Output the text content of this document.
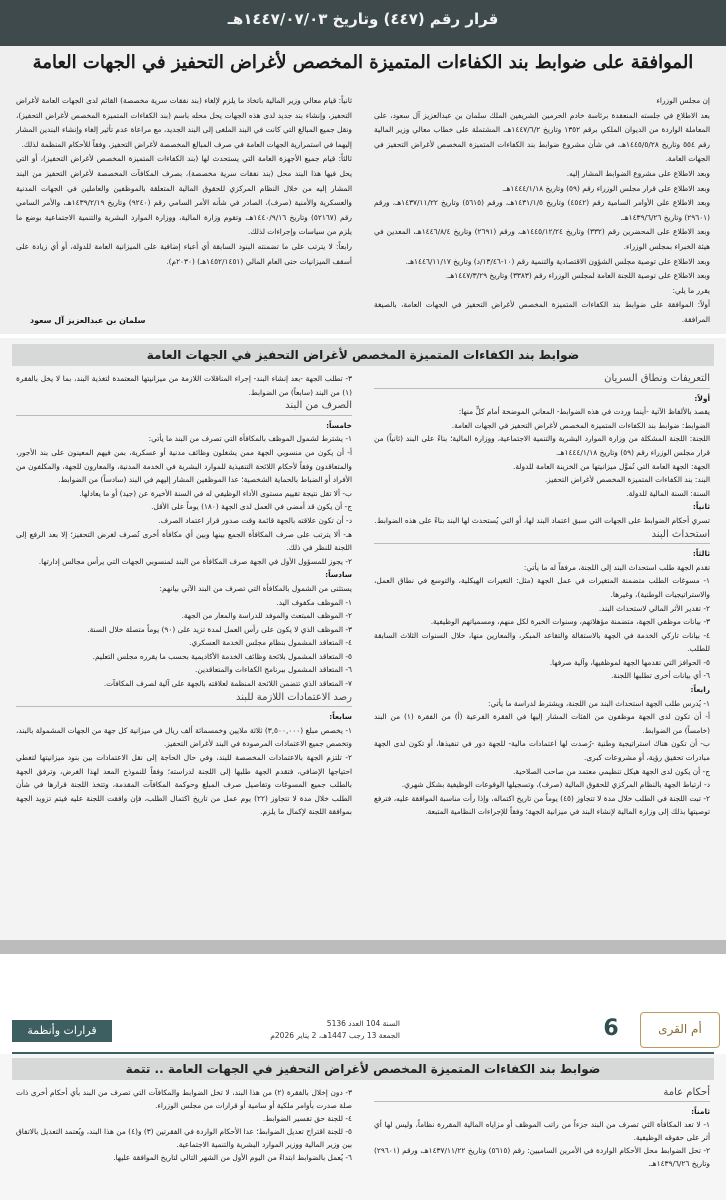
قرار رقم (٤٤٧) وتاريخ ١٤٤٧/٠٧/٠٣هـ
الموافقة على ضوابط بند الكفاءات المتميزة المخصص لأغراض التحفيز في الجهات العامة

إن مجلس الوزراء

بعد الاطلاع في جلسته المنعقدة برئاسة خادم الحرمين الشريفين الملك سلمان بن عبدالعزيز آل سعود، على المعاملة الواردة من الديوان الملكي برقم ١٣٥٢ وتاريخ ١٤٤٧/٦/٢هـ، المشتملة على خطاب معالي وزير المالية رقم ٥٥٤ وتاريخ ١٤٤٥/٥/٢٨هـ، في شأن مشروع ضوابط بند الكفاءات المتميزة المخصص لأغراض التحفيز في الجهات العامة.

وبعد الاطلاع على مشروع الضوابط المشار إليه.

وبعد الاطلاع على قرار مجلس الوزراء رقم (٥٩) وتاريخ ١٤٤٤/١/١٨هـ.

وبعد الاطلاع على الأوامر السامية رقم (٤٥٤٢) وتاريخ ١٤٣١/١/٥هـ، ورقم (٥٦١٥) وتاريخ ١٤٣٧/١١/٢٢هـ، ورقم (٢٩٦٠١) وتاريخ ١٤٣٩/٦/٢٦هـ.

وبعد الاطلاع على المحضرين رقم (٣٣٢) وتاريخ ١٤٤٥/١٢/٢٤هـ، ورقم (٢٦٩١) وتاريخ ١٤٤٦/٨/٤هـ، المعدين في هيئة الخبراء بمجلس الوزراء.

وبعد الاطلاع على توصية مجلس الشؤون الاقتصادية والتنمية رقم (١٠-١٣/٤٦/د) وتاريخ ١٤٤٦/١١/١٧هـ.

وبعد الاطلاع على توصية اللجنة العامة لمجلس الوزراء رقم (٣٣٨٣) وتاريخ ١٤٤٧/٣/٢٩هـ.

يقرر ما يلي:

أولاً: الموافقة على ضوابط بند الكفاءات المتميزة المخصص لأغراض التحفيز في الجهات العامة، بالصيغة المرافقة.

ثانياً: قيام معالي وزير المالية باتخاذ ما يلزم لإلغاء (بند نفقات سرية مخصصة) القائم لدى الجهات العامة لأغراض التحفيز، وإنشاء بند جديد لدى هذه الجهات يحل محله باسم (بند الكفاءات المتميزة المخصص لأغراض التحفيز)، ونقل جميع المبالغ التي كانت في البند الملغى إلى البند الجديد، مع مراعاة عدم تأثير إلغاء وإنشاء البندين المشار إليهما في استمرارية الجهات العامة في صرف المبالغ المخصصة لأغراض التحفيز، وفقاً للأحكام المنظمة لذلك.

ثالثاً: قيام جميع الأجهزة العامة التي يستحدث لها (بند الكفاءات المتميزة المخصص لأغراض التحفيز)، أو التي يحل فيها هذا البند محل (بند نفقات سرية مخصصة)، بصرف المكافآت المخصصة لأغراض التحفيز من البند المشار إليه من خلال النظام المركزي للحقوق المالية المتعلقة بالموظفين والعاملين في الجهات المدنية والعسكرية والأمنية (صرف)، الصادر في شأنه الأمر السامي رقم (٩٢٤٠) وتاريخ ١٤٣٩/٢/١٩هـ، والأمر السامي رقم (٥٢١٦٧) وتاريخ ١٤٤٠/٩/١٦هـ، وتقوم وزارة المالية، ووزارة الموارد البشرية والتنمية الاجتماعية بوضع ما يلزم من سياسات وإجراءات لذلك.

رابعاً: لا يترتب على ما تضمنته البنود السابقة أي أعباء إضافية على الميزانية العامة للدولة، أو أي زيادة على أسقف الميزانيات حتى العام المالي (١٤٥٢/١٤٥١هـ) (٢٠٣٠م).

سلمان بن عبدالعزيز آل سعود
ضوابط بند الكفاءات المتميزة المخصص لأغراض التحفيز في الجهات العامة

التعريفات ونطاق السريان

أولاً:

يقصد بالألفاظ الآتية -أينما وردت في هذه الضوابط- المعاني الموضحة أمام كلٍّ منها:

الضوابط: ضوابط بند الكفاءات المتميزة المخصص لأغراض التحفيز في الجهات العامة.

اللجنة: اللجنة المشكلة من وزارة الموارد البشرية والتنمية الاجتماعية، ووزارة المالية؛ بناءً على البند (ثانياً) من قرار مجلس الوزراء رقم (٥٩) وتاريخ ١٤٤٤/١/١٨هـ.

الجهة: الجهة العامة التي تُموَّل ميزانيتها من الخزينة العامة للدولة.

البند: بند الكفاءات المتميزة المخصص لأغراض التحفيز.

السنة: السنة المالية للدولة.

ثانياً:

تسري أحكام الضوابط على الجهات التي سبق اعتماد البند لها، أو التي يُستحدث لها البند بناءً على هذه الضوابط.

استحداث البند

ثالثاً:

تقدم الجهة طلب استحداث البند إلى اللجنة، مرفقاً له ما يأتي:

١- مسوغات الطلب متضمنة المتغيرات في عمل الجهة (مثل: التغيرات الهيكلية، والتوسع في نطاق العمل، والاستراتيجيات الوطنية)، وغيرها.

٢- تقدير الأثر المالي لاستحداث البند.

٣- بيانات موظفي الجهة، متضمنة مؤهلاتهم، وسنوات الخبرة لكل منهم، ومسمياتهم الوظيفية.

٤- بيانات تاركي الخدمة في الجهة بالاستقالة والتقاعد المبكر، والمعارين منها، خلال السنوات الثلاث السابقة للطلب.

٥- الحوافز التي تقدمها الجهة لموظفيها، وآلية صرفها.

٦- أي بيانات أخرى تطلبها اللجنة.

رابعاً:

١- يُدرس طلب الجهة استحداث البند من اللجنة، ويشترط لدراسة ما يأتي:

أ- أن تكون لدى الجهة موظفون من الفئات المشار إليها في الفقرة الفرعية (أ) من الفقرة (١) من البند (خامساً) من الضوابط.

ب- أن تكون هناك استراتيجية وطنية -رُصدت لها اعتمادات مالية- للجهة دور في تنفيذها، أو تكون لدى الجهة مبادرات تحقيق رؤية، أو مشروعات كبرى.

ج- أن يكون لدى الجهة هيكل تنظيمي معتمد من صاحب الصلاحية.

د- ارتباط الجهة بالنظام المركزي للحقوق المالية (صرف)، وتسجيلها الوقوعات الوظيفية بشكل شهري.

٢- تبت اللجنة في الطلب خلال مدة لا تتجاوز (٤٥) يوماً من تاريخ اكتماله، وإذا رأت مناسبة الموافقة عليه، فترفع توصيتها بذلك إلى وزارة المالية لإنشاء البند في ميزانية الجهة؛ وفقاً للإجراءات النظامية المتبعة.

٣- تطلب الجهة -بعد إنشاء البند- إجراء المناقلات اللازمة من ميزانيتها المعتمدة لتغذية البند، بما لا يخل بالفقرة (١) من البند (سابعاً) من الضوابط.

الصرف من البند

خامساً:

١- يشترط لشمول الموظف بالمكافأة التي تصرف من البند ما يأتي:

أ- أن يكون من منسوبي الجهة ممن يشغلون وظائف مدنية أو عسكرية، بمن فيهم المعينون على بند الأجور، والمتعاقدون وفقاً لأحكام اللائحة التنفيذية للموارد البشرية في الخدمة المدنية، والمعارون للجهة، والمكلفون من الأفراد أو الضباط بالحماية الشخصية؛ عدا الموظفين المشار إليهم في البند (سادساً) من الضوابط.

ب- ألا تقل نتيجة تقييم مستوى الأداء الوظيفي له في السنة الأخيرة عن (جيد) أو ما يعادلها.

ج- أن يكون قد أمضى في العمل لدى الجهة (١٨٠) يوماً على الأقل.

د- أن تكون علاقته بالجهة قائمة وقت صدور قرار اعتماد الصرف.

هـ- ألا يترتب على صرف المكافأة الجمع بينها وبين أي مكافأة أخرى تُصرف لغرض التحفيز؛ إلا بعد الرفع إلى اللجنة للنظر في ذلك.

٢- يجوز للمسؤول الأول في الجهة صرف المكافأة من البند لمنسوبي الجهات التي يرأس مجالس إدارتها.

سادساً:

يستثنى من الشمول بالمكافأة التي تصرف من البند الآتي بيانهم:

١- الموظف مكفوف اليد.

٢- الموظف المبتعث والموفد للدراسة والمعار من الجهة.

٣- الموظف الذي لا يكون على رأس العمل لمدة تزيد على (٩٠) يوماً متصلة خلال السنة.

٤- المتعاقد المشمول بنظام مجلس الخدمة العسكري.

٥- المتعاقد المشمول بلائحة وظائف الخدمة الأكاديمية بحسب ما يقرره مجلس التعليم.

٦- المتعاقد المشمول ببرنامج الكفاءات والمتعاقدين.

٧- المتعاقد الذي تتضمن اللائحة المنظمة لعلاقته بالجهة على آلية لصرف المكافآت.

رصد الاعتمادات اللازمة للبند

سابعاً:

١- يخصص مبلغ (٣,٥٠٠,٠٠٠) ثلاثة ملايين وخمسمائة ألف ريال في ميزانية كل جهة من الجهات المشمولة بالبند، وتخصص جميع الاعتمادات المرصودة في البند لأغراض التحفيز.

٢- تلتزم الجهة بالاعتمادات المخصصة للبند، وفي حال الحاجة إلى نقل الاعتمادات بين بنود ميزانيتها لتغطي احتياجها الإضافي، فتقدم الجهة طلبها إلى اللجنة لدراسته؛ وفقاً للنموذج المعد لهذا الغرض، وترفق الجهة بالطلب جميع المسوغات وتفاصيل صرف المبلغ وحوكمة المكافآت المقدمة، وتتخذ اللجنة قرارها في شأن الطلب خلال مدة لا تتجاوز (٢٢) يوم عمل من تاريخ اكتمال الطلب، فإن وافقت اللجنة عليه فيتم تزويد الجهة بموافقة اللجنة لإكمال ما يلزم.

أم القرى
6
السنة 104 العدد 5136
الجمعة 13 رجب 1447هـ، 2 يناير 2026م
قرارات وأنظمة
ضوابط بند الكفاءات المتميزة المخصص لأغراض التحفيز في الجهات العامة .. تتمة

أحكام عامة

ثامناً:

١- لا تعد المكافأة التي تصرف من البند جزءاً من راتب الموظف أو مزاياه المالية المقررة نظاماً، وليس لها أي أثر على حقوقه الوظيفية.

٢- تحل الضوابط محل الأحكام الواردة في الأمرين الساميين: رقم (٥٦١٥) وتاريخ ١٤٣٧/١١/٢٢هـ، ورقم (٢٩٦٠١) وتاريخ ١٤٣٩/٦/٢٦هـ.

٣- دون إخلال بالفقرة (٢) من هذا البند، لا تخل الضوابط والمكافآت التي تصرف من البند بأي أحكام أخرى ذات صلة صدرت بأوامر ملكية أو سامية أو قرارات من مجلس الوزراء.

٤- للجنة حق تفسير الضوابط.

٥- للجنة اقتراح تعديل الضوابط؛ عدا الأحكام الواردة في الفقرتين (٣) و(٤) من هذا البند، ويُعتمد التعديل بالاتفاق بين وزير المالية ووزير الموارد البشرية والتنمية الاجتماعية.

٦- يُعمل بالضوابط ابتداءً من اليوم الأول من الشهر التالي لتاريخ الموافقة عليها.
